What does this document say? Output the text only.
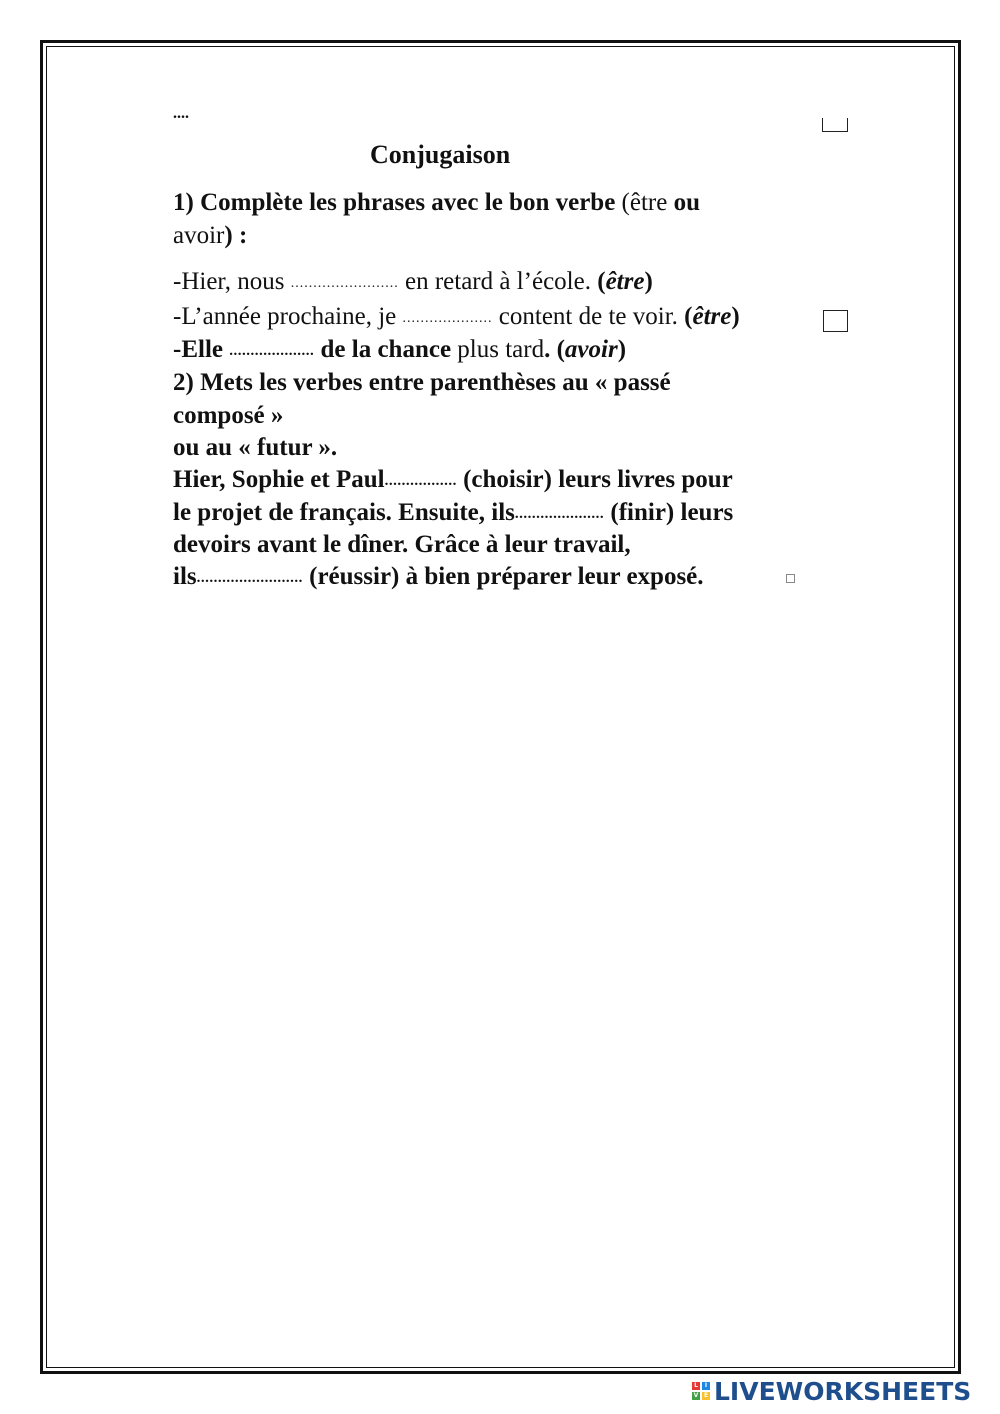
....
Conjugaison
1) Complète les phrases avec le bon verbe (être ou
avoir) :
-Hier, nous ........................ en retard à l’école. (être)
-L’année prochaine, je .................... content de te voir. (être)
-Elle .................... de la chance plus tard. (avoir)
2) Mets les verbes entre parenthèses au « passé
composé »
ou au « futur ».
Hier, Sophie et Paul................. (choisir) leurs livres pour
le projet de français. Ensuite, ils..................... (finir) leurs
devoirs avant le dîner. Grâce à leur travail,
ils......................... (réussir) à bien préparer leur exposé.
L	I
V E LIVEWORKSHEETS
